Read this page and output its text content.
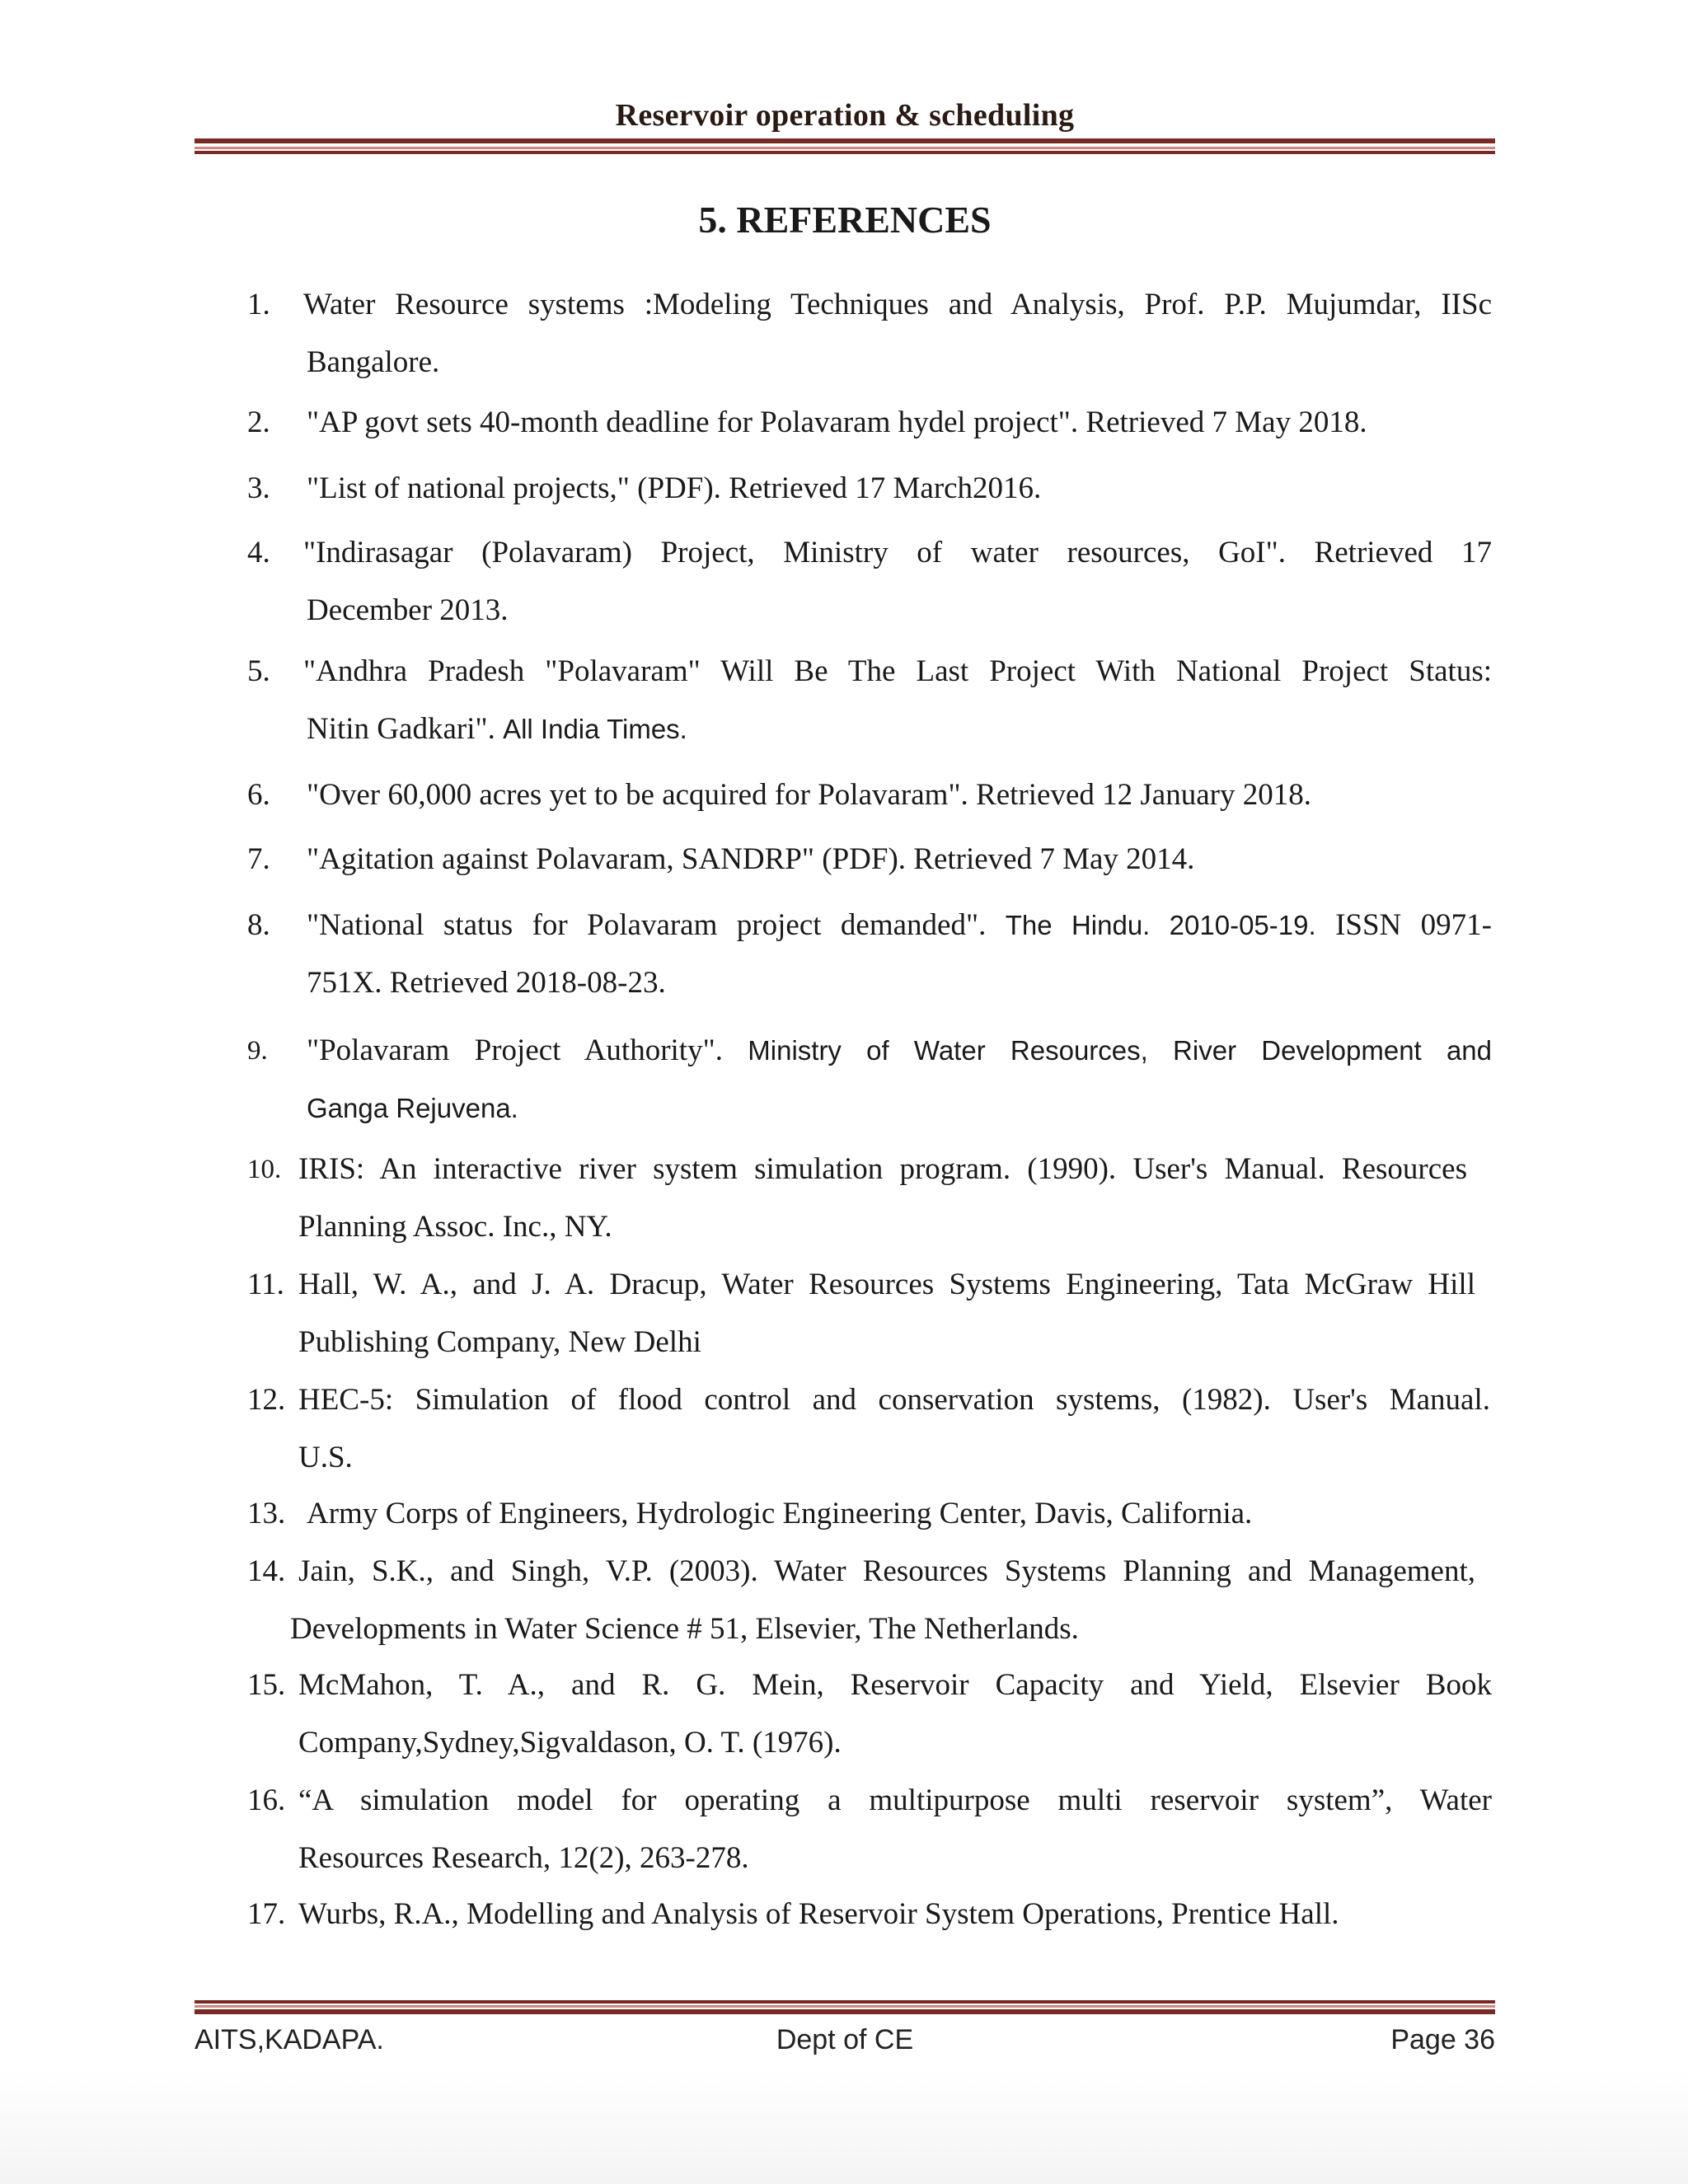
Reservoir operation & scheduling
5. REFERENCES
1.	Water Resource systems :Modeling Techniques and Analysis, Prof. P.P. Mujumdar, IISc
Bangalore.
2.	"AP govt sets 40-month deadline for Polavaram hydel project". Retrieved 7 May 2018.
3.	"List of national projects," (PDF). Retrieved 17 March2016.
4.	"Indirasagar (Polavaram) Project, Ministry of water resources, GoI". Retrieved 17
December 2013.
5.	"Andhra Pradesh "Polavaram" Will Be The Last Project With National Project Status:
Nitin Gadkari". All India Times.
6.	"Over 60,000 acres yet to be acquired for Polavaram". Retrieved 12 January 2018.
7.	"Agitation against Polavaram, SANDRP" (PDF). Retrieved 7 May 2014.
8.	"National status for Polavaram project demanded". The Hindu. 2010-05-19. ISSN 0971-
751X. Retrieved 2018-08-23.
9.	"Polavaram Project Authority". Ministry of Water Resources, River Development and
Ganga Rejuvena.
10. IRIS: An interactive river system simulation program. (1990). User's Manual. Resources
Planning Assoc. Inc., NY.
11. Hall, W. A., and J. A. Dracup, Water Resources Systems Engineering, Tata McGraw Hill
Publishing Company, New Delhi
12. HEC-5: Simulation of flood control and conservation systems, (1982). User's Manual.
U.S.
13. Army Corps of Engineers, Hydrologic Engineering Center, Davis, California.
14. Jain, S.K., and Singh, V.P. (2003). Water Resources Systems Planning and Management,
Developments in Water Science # 51, Elsevier, The Netherlands.
15. McMahon, T. A., and R. G. Mein, Reservoir Capacity and Yield, Elsevier Book
Company,Sydney,Sigvaldason, O. T. (1976).
16. “A simulation model for operating a multipurpose multi reservoir system”, Water
Resources Research, 12(2), 263-278.
17. Wurbs, R.A., Modelling and Analysis of Reservoir System Operations, Prentice Hall.
AITS,KADAPA.	Dept of CE	Page 36
